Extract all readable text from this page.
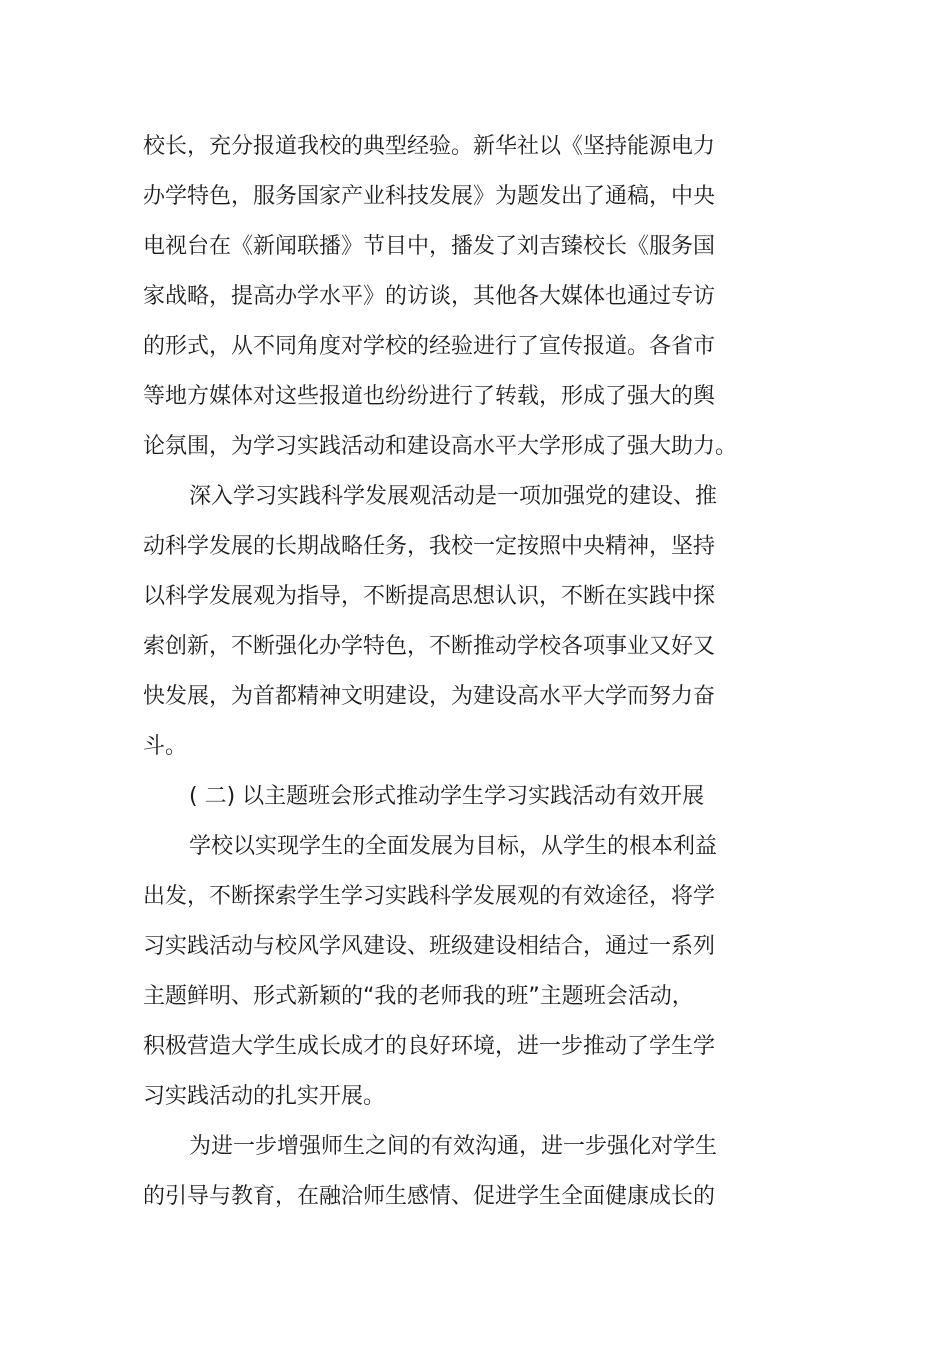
校长，充分报道我校的典型经验。新华社以《坚持能源电力
办学特色，服务国家产业科技发展》为题发出了通稿，中央
电视台在《新闻联播》节目中，播发了刘吉臻校长《服务国
家战略，提高办学水平》的访谈，其他各大媒体也通过专访
的形式，从不同角度对学校的经验进行了宣传报道。各省市
等地方媒体对这些报道也纷纷进行了转载，形成了强大的舆
论氛围，为学习实践活动和建设高水平大学形成了强大助力。
深入学习实践科学发展观活动是一项加强党的建设、推
动科学发展的长期战略任务，我校一定按照中央精神，坚持
以科学发展观为指导，不断提高思想认识，不断在实践中探
索创新，不断强化办学特色，不断推动学校各项事业又好又
快发展，为首都精神文明建设，为建设高水平大学而努力奋
斗。
( 二) 以主题班会形式推动学生学习实践活动有效开展
学校以实现学生的全面发展为目标，从学生的根本利益
出发，不断探索学生学习实践科学发展观的有效途径，将学
习实践活动与校风学风建设、班级建设相结合，通过一系列
主题鲜明、形式新颖的“我的老师我的班”主题班会活动，
积极营造大学生成长成才的良好环境，进一步推动了学生学
习实践活动的扎实开展。
为进一步增强师生之间的有效沟通，进一步强化对学生
的引导与教育，在融洽师生感情、促进学生全面健康成长的
